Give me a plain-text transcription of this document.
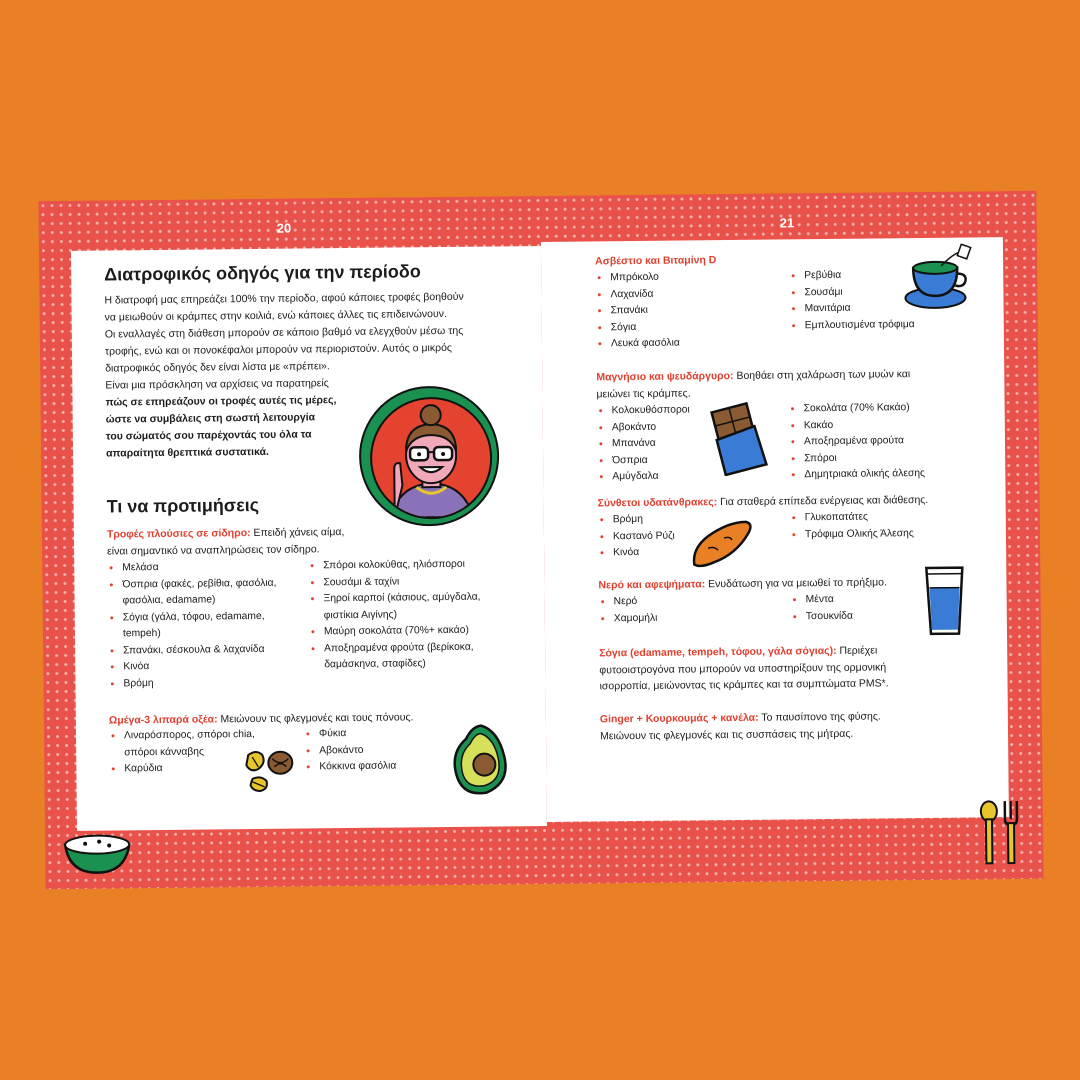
20	21
Διατροφικός οδηγός για την περίοδο
Η διατροφή μας επηρεάζει 100% την περίοδο, αφού κάποιες τροφές βοηθούν
να μειωθούν οι κράμπες στην κοιλιά, ενώ κάποιες άλλες τις επιδεινώνουν.
Οι εναλλαγές στη διάθεση μπορούν σε κάποιο βαθμό να ελεγχθούν μέσω της
τροφής, ενώ και οι πονοκέφαλοι μπορούν να περιοριστούν. Αυτός ο μικρός
διατροφικός οδηγός δεν είναι λίστα με «πρέπει».
Είναι μια πρόσκληση να αρχίσεις να παρατηρείς
πώς σε επηρεάζουν οι τροφές αυτές τις μέρες,
ώστε να συμβάλεις στη σωστή λειτουργία
του σώματός σου παρέχοντάς του όλα τα
απαραίτητα θρεπτικά συστατικά.
Τι να προτιμήσεις
Τροφές πλούσιες σε σίδηρο: Επειδή χάνεις αίμα,
είναι σημαντικό να αναπληρώσεις τον σίδηρο.
• Μελάσα
• Όσπρια (φακές, ρεβίθια, φασόλια, φασόλια, edamame)
• Σόγια (γάλα, τόφου, edamame, tempeh)
• Σπανάκι, σέσκουλα & λαχανίδα
• Κινόα
• Βρόμη
• Σπόροι κολοκύθας, ηλιόσποροι
• Σουσάμι & ταχίνι
• Ξηροί καρποί (κάσιους, αμύγδαλα, φιστίκια Αιγίνης)
• Μαύρη σοκολάτα (70%+ κακάο)
• Αποξηραμένα φρούτα (βερίκοκα, δαμάσκηνα, σταφίδες)
Ωμέγα-3 λιπαρά οξέα: Μειώνουν τις φλεγμονές και τους πόνους.
• Λιναρόσπορος, σπόροι chia, σπόροι κάνναβης
• Καρύδια
• Φύκια
• Αβοκάντο
• Κόκκινα φασόλια
Ασβέστιο και Βιταμίνη D
• Μπρόκολο
• Λαχανίδα
• Σπανάκι
• Σόγια
• Λευκά φασόλια
• Ρεβύθια
• Σουσάμι
• Μανιτάρια
• Εμπλουτισμένα τρόφιμα
Μαγνήσιο και ψευδάργυρο: Βοηθάει στη χαλάρωση των μυών και
μειώνει τις κράμπες.
• Κολοκυθόσποροι
• Αβοκάντο
• Μπανάνα
• Όσπρια
• Αμύγδαλα
• Σοκολάτα (70% Κακάο)
• Κακάο
• Αποξηραμένα φρούτα
• Σπόροι
• Δημητριακά ολικής άλεσης
Σύνθετοι υδατάνθρακες: Για σταθερά επίπεδα ενέργειας και διάθεσης.
• Βρόμη
• Καστανό Ρύζι
• Κινόα
• Γλυκοπατάτες
• Τρόφιμα Ολικής Άλεσης
Νερό και αφεψήματα: Ενυδάτωση για να μειωθεί το πρήξιμο.
• Νερό
• Χαμομήλι
• Μέντα
• Τσουκνίδα
Σόγια (edamame, tempeh, τόφου, γάλα σόγιας): Περιέχει
φυτοοιστρογόνα που μπορούν να υποστηρίξουν της ορμονική
ισορροπία, μειώνοντας τις κράμπες και τα συμπτώματα PMS*.
Ginger + Κουρκουμάς + κανέλα: Το παυσίπονο της φύσης.
Μειώνουν τις φλεγμονές και τις συσπάσεις της μήτρας.
